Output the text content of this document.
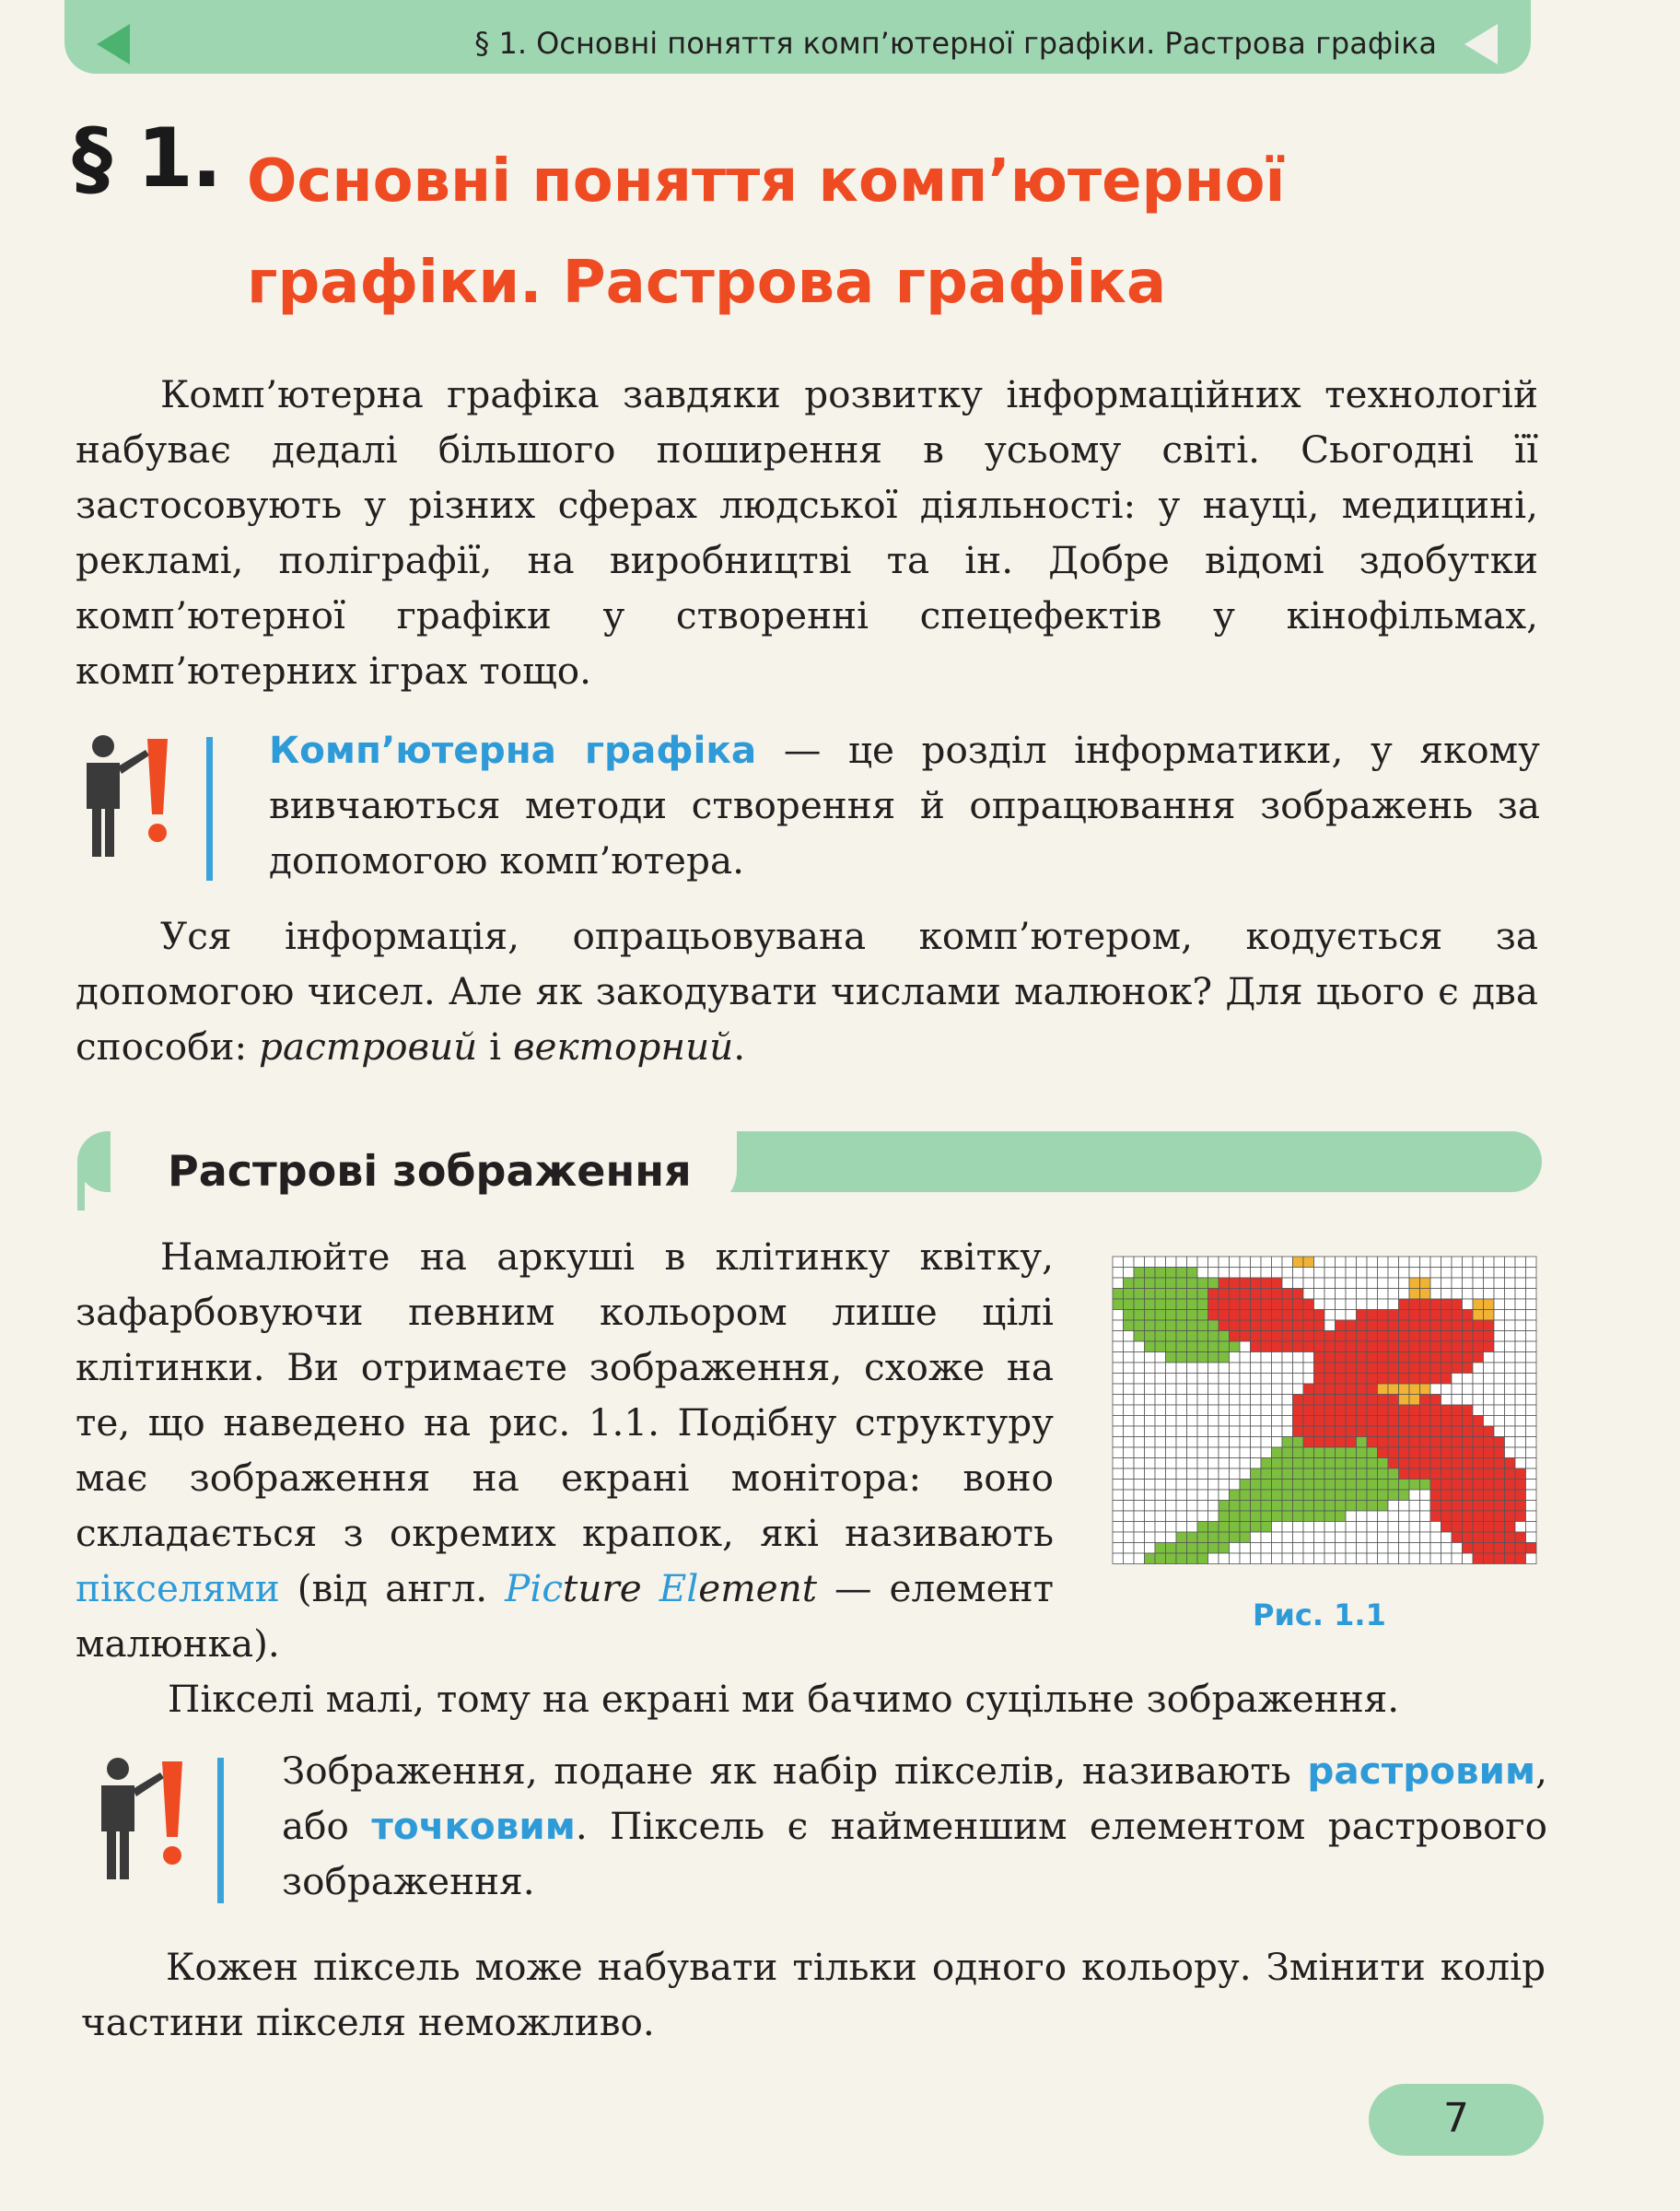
§ 1. Основні поняття комп’ютерної графіки. Растрова графіка
§ 1. Основні поняття комп’ютерної
графіки. Растрова графіка

Комп’ютерна графіка завдяки розвитку інформаційних технологій набуває дедалі більшого поширення в усьому світі. Сьогодні її застосовують у різних сферах людської діяльності: у науці, медицині, рекламі, поліграфії, на виробництві та ін. Добре відомі здобутки комп’ютерної графіки у створенні спецефектів у кінофільмах, комп’ютерних іграх тощо.

Комп’ютерна графіка — це розділ інформатики, у якому вивчаються методи створення й опрацювання зображень за допомогою комп’ютера.

Уся інформація, опрацьовувана комп’ютером, кодується за допомогою чисел. Але як закодувати числами малюнок? Для цього є два способи: растровий і векторний.

Растрові зображення

Намалюйте на аркуші в клітинку квітку, зафарбовуючи певним кольором лише цілі клітинки. Ви отримаєте зображення, схоже на те, що наведено на рис. 1.1. Подібну структуру має зображення на екрані монітора: воно складається з окремих крапок, які називають пікселями (від англ. Picture Element — елемент малюнка).

Пікселі малі, тому на екрані ми бачимо суцільне зображення.

Рис. 1.1

Зображення, подане як набір пікселів, називають растровим, або точковим. Піксель є найменшим елементом растрового зображення.

Кожен піксель може набувати тільки одного кольору. Змінити колір частини пікселя неможливо.

7
